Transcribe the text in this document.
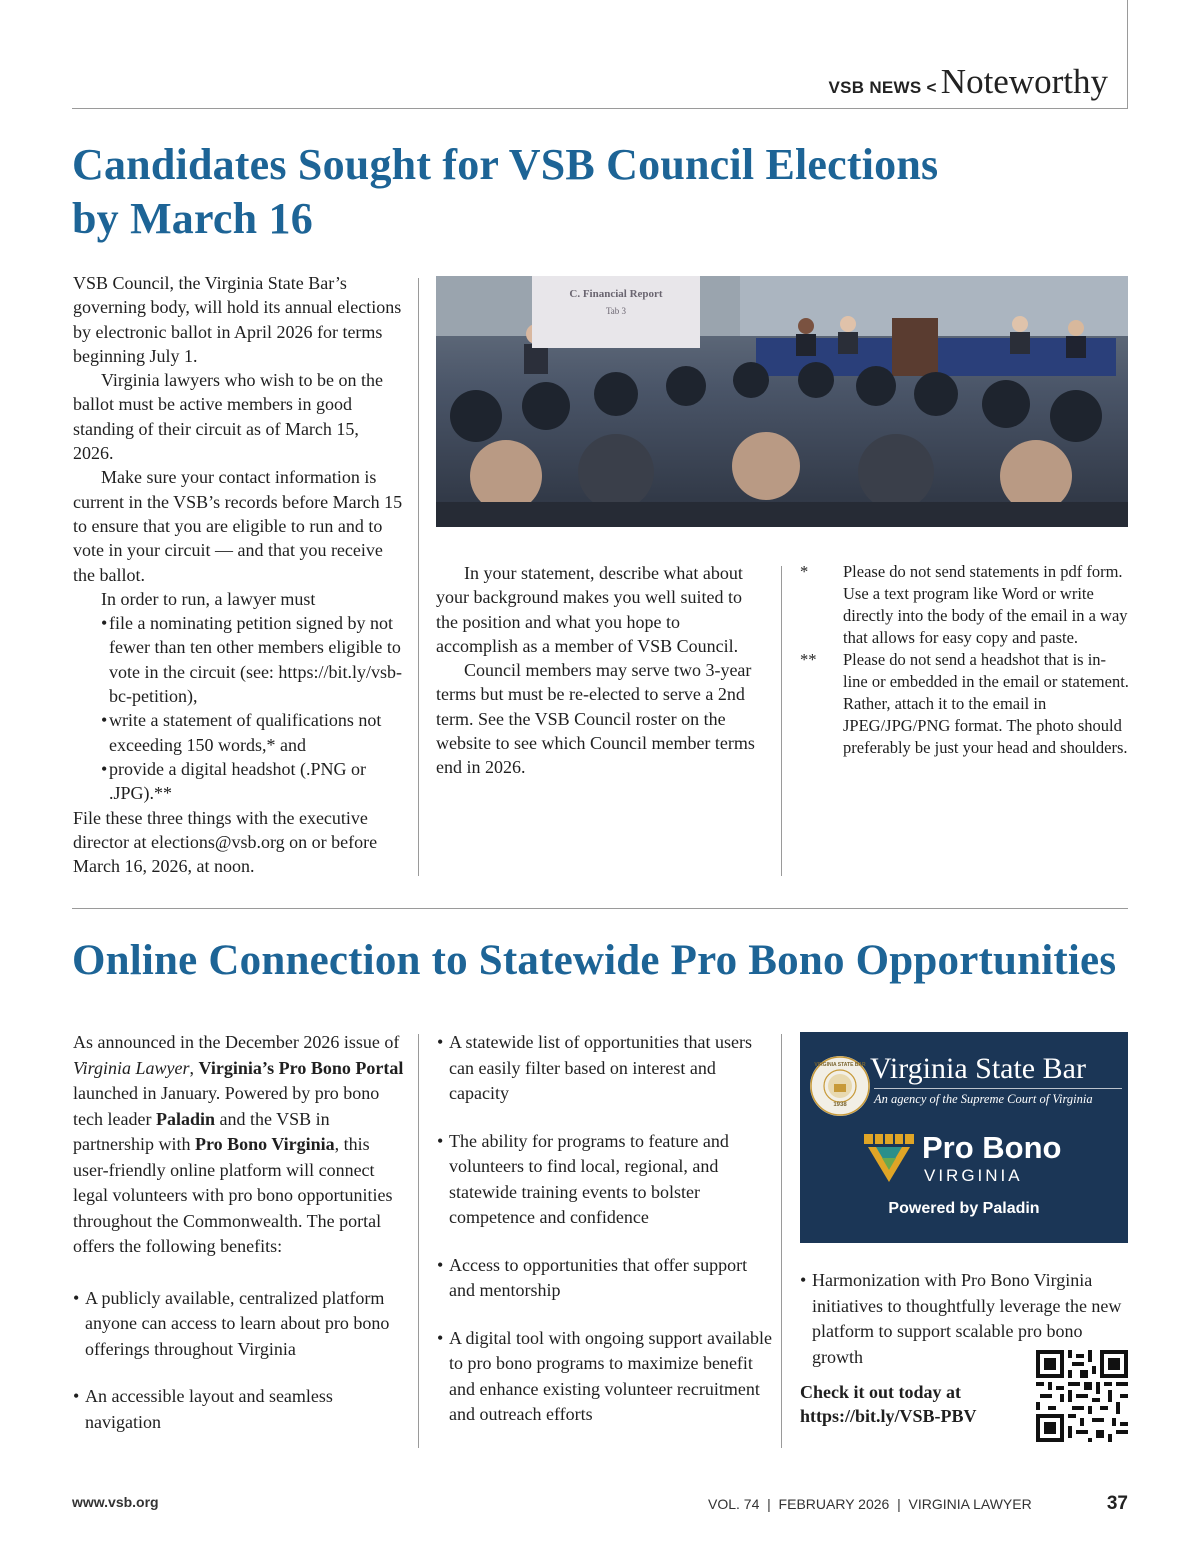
VSB NEWS < Noteworthy
Candidates Sought for VSB Council Elections
by March 16

VSB Council, the Virginia State Bar’s governing body, will hold its annual elections by electronic ballot in April 2026 for terms beginning July 1.

Virginia lawyers who wish to be on the ballot must be active members in good standing of their circuit as of March 15, 2026.

Make sure your contact information is current in the VSB’s records before March 15 to ensure that you are eligible to run and to vote in your circuit — and that you receive the ballot.

In order to run, a lawyer must

• file a nominating petition signed by not fewer than ten other members eligible to vote in the circuit (see: https://bit.ly/vsb-bc-petition),
• write a statement of qualifications not exceeding 150 words,* and
• provide a digital headshot (.PNG or .JPG).**

File these three things with the executive director at elections@vsb.org on or before March 16, 2026, at noon.

C. Financial Report
Tab 3

In your statement, describe what about your background makes you well suited to the position and what you hope to accomplish as a member of VSB Council.

Council members may serve two 3-year terms but must be re-elected to serve a 2nd term. See the VSB Council roster on the website to see which Council member terms end in 2026.

*	Please do not send statements in pdf form. Use a text program like Word or write directly into the body of the email in a way that allows for easy copy and paste.
**	Please do not send a headshot that is in-line or embedded in the email or statement. Rather, attach it to the email in JPEG/JPG/PNG format. The photo should preferably be just your head and shoulders.
Online Connection to Statewide Pro Bono Opportunities

As announced in the December 2026 issue of Virginia Lawyer, Virginia’s Pro Bono Portal launched in January. Powered by pro bono tech leader Paladin and the VSB in partnership with Pro Bono Virginia, this user-friendly online platform will connect legal volunteers with pro bono opportunities throughout the Commonwealth. The portal offers the following benefits:

• A publicly available, centralized platform anyone can access to learn about pro bono offerings throughout Virginia
• An accessible layout and seamless navigation
• A statewide list of opportunities that users can easily filter based on interest and capacity
• The ability for programs to feature and volunteers to find local, regional, and statewide training events to bolster competence and confidence
• Access to opportunities that offer support and mentorship
• A digital tool with ongoing support available to pro bono programs to maximize benefit and enhance existing volunteer recruitment and outreach efforts
VIRGINIA STATE BAR
1938
Virginia State Bar
An agency of the Supreme Court of Virginia
Pro Bono
VIRGINIA
Powered by Paladin
• Harmonization with Pro Bono Virginia initiatives to thoughtfully leverage the new platform to support scalable pro bono growth
Check it out today at
https://bit.ly/VSB-PBV
www.vsb.org	VOL. 74  |  FEBRUARY 2026  |  VIRGINIA LAWYER	37
